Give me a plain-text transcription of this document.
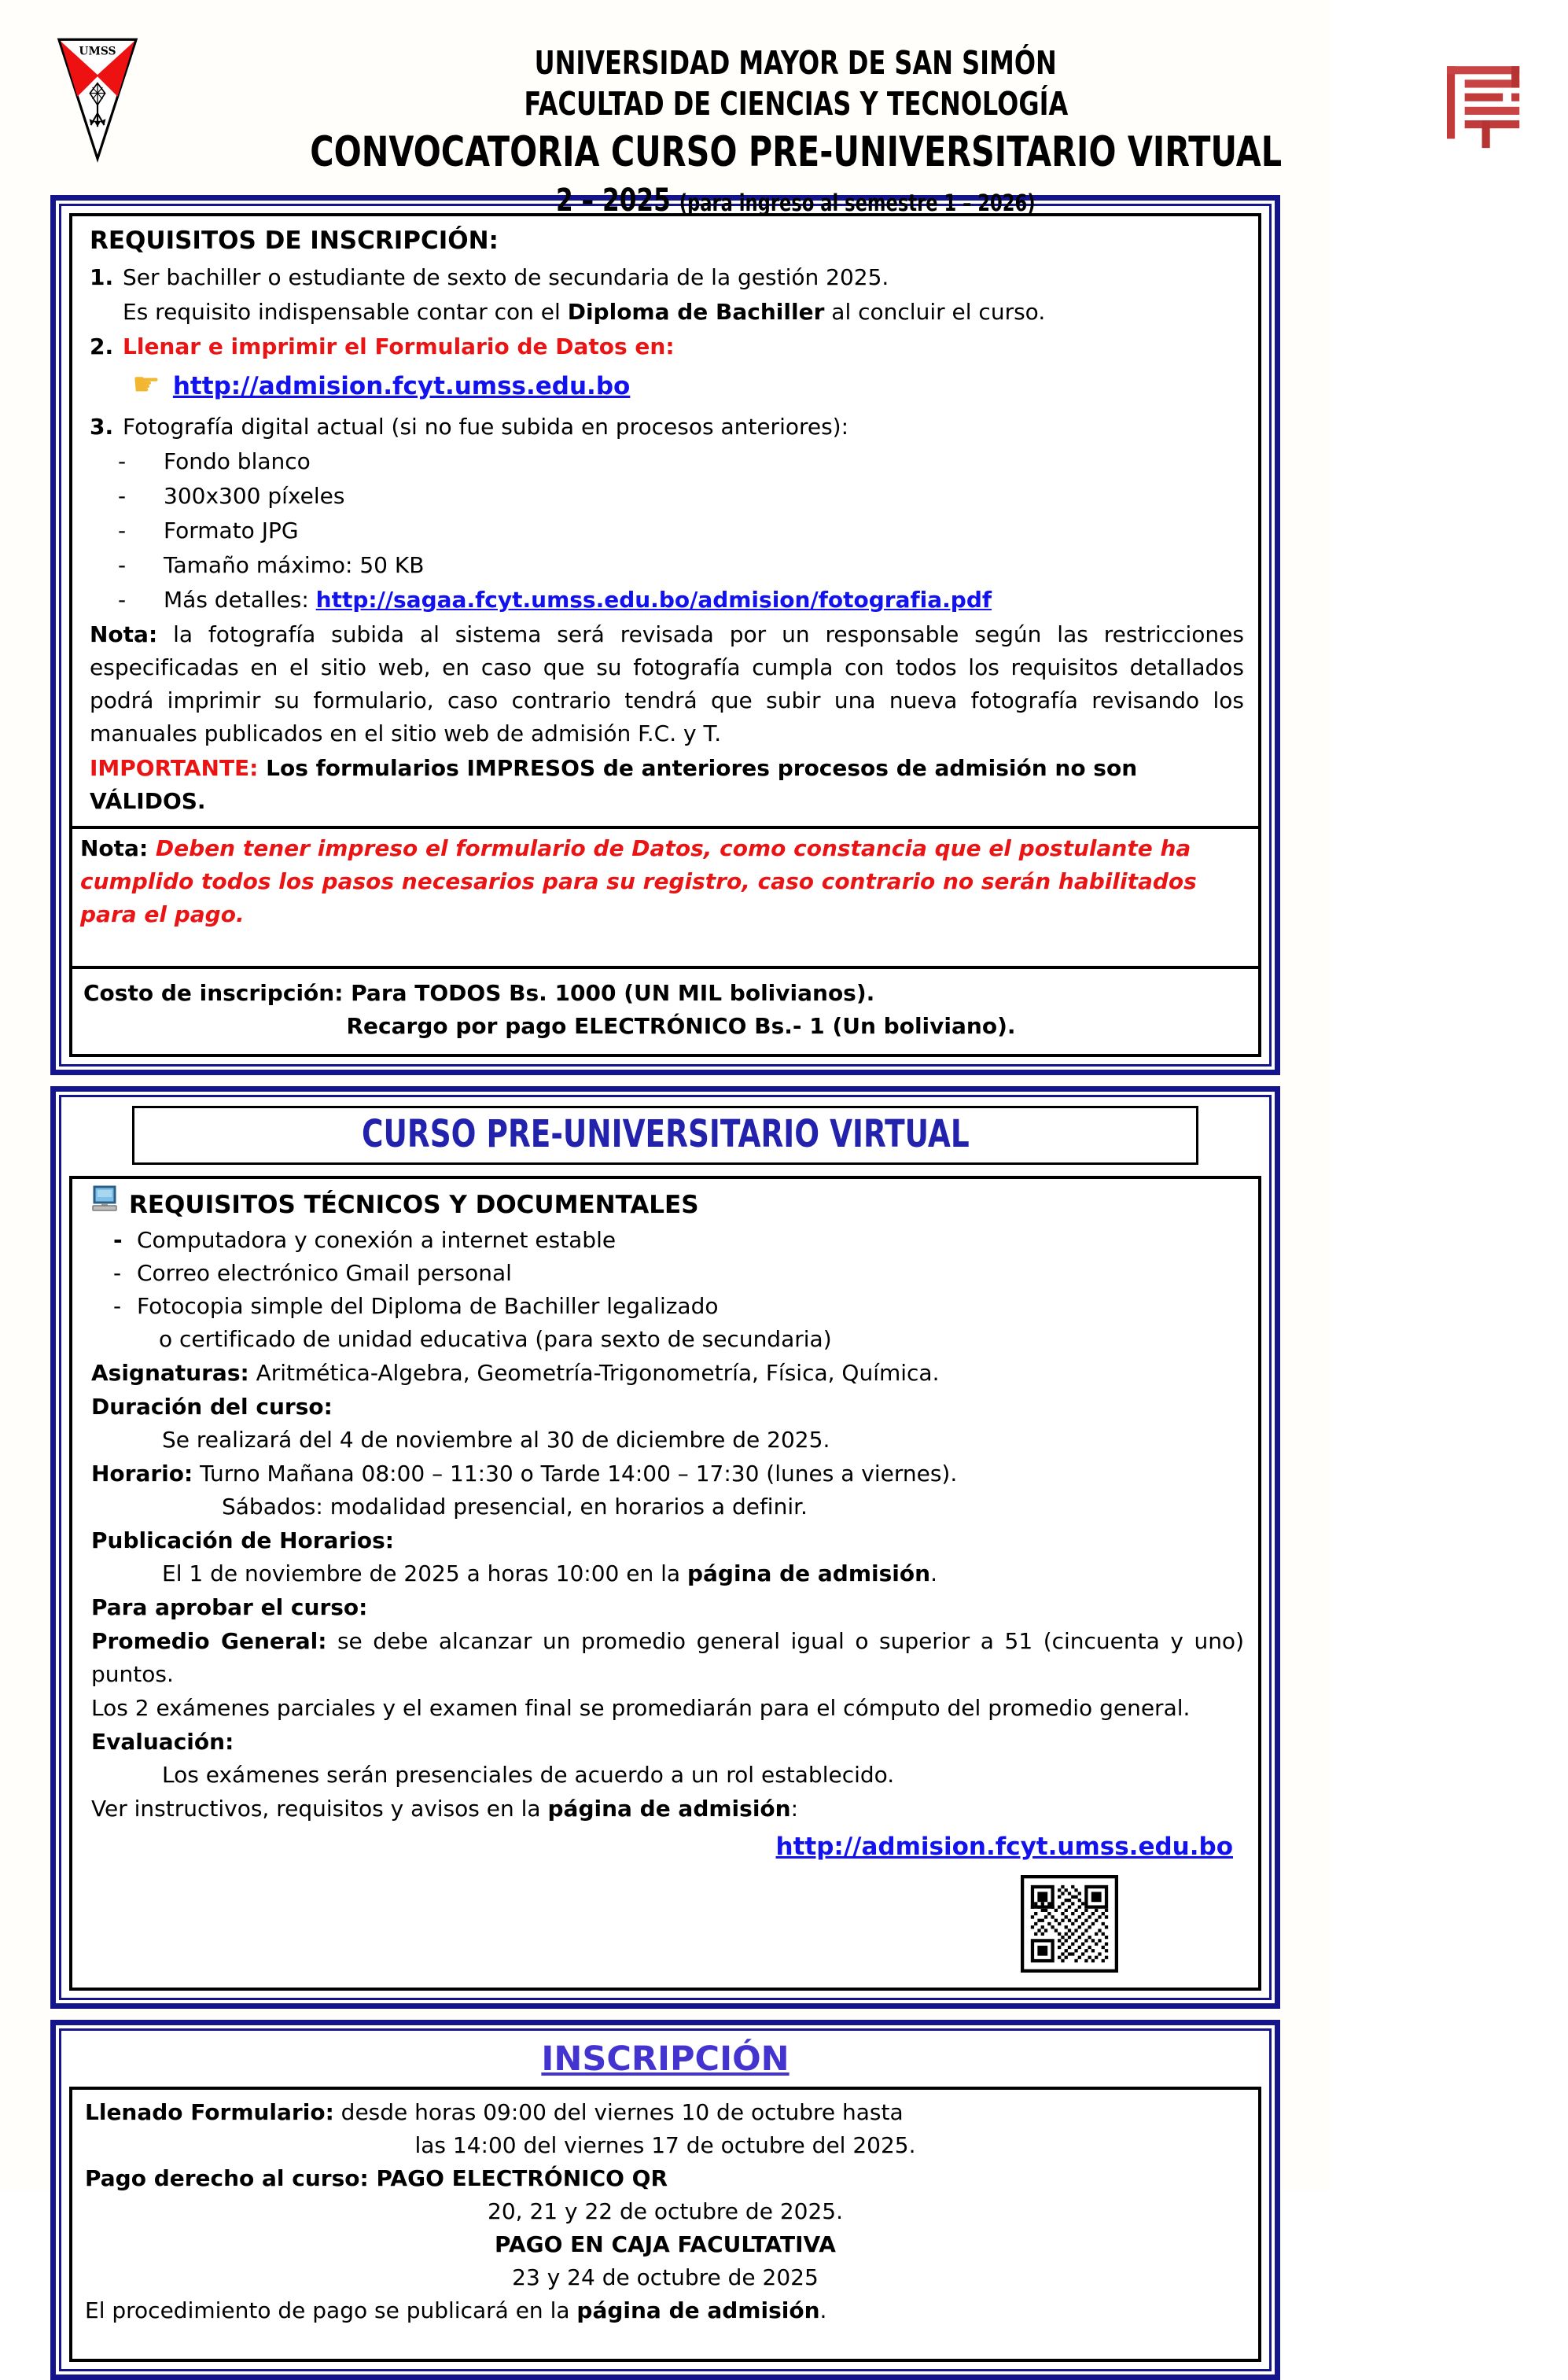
UMSS	UNIVERSIDAD MAYOR DE SAN SIMÓN
FACULTAD DE CIENCIAS Y TECNOLOGÍA
CONVOCATORIA CURSO PRE-UNIVERSITARIO VIRTUAL
2 – 2025 (para ingreso al semestre 1 – 2026)
REQUISITOS DE INSCRIPCIÓN:
1. Ser bachiller o estudiante de sexto de secundaria de la gestión 2025.
Es requisito indispensable contar con el Diploma de Bachiller al concluir el curso.
2. Llenar e imprimir el Formulario de Datos en:
☛ http://admision.fcyt.umss.edu.bo
3. Fotografía digital actual (si no fue subida en procesos anteriores):
-	Fondo blanco
-	300x300 píxeles
-	Formato JPG
-	Tamaño máximo: 50 KB
-	Más detalles: http://sagaa.fcyt.umss.edu.bo/admision/fotografia.pdf
Nota: la fotografía subida al sistema será revisada por un responsable según las restricciones especificadas en el sitio web, en caso que su fotografía cumpla con todos los requisitos detallados podrá imprimir su formulario, caso contrario tendrá que subir una nueva fotografía revisando los manuales publicados en el sitio web de admisión F.C. y T.
IMPORTANTE: Los formularios IMPRESOS de anteriores procesos de admisión no son VÁLIDOS.
Nota: Deben tener impreso el formulario de Datos, como constancia que el postulante ha cumplido todos los pasos necesarios para su registro, caso contrario no serán habilitados para el pago.
Costo de inscripción: Para TODOS Bs. 1000 (UN MIL bolivianos).
Recargo por pago ELECTRÓNICO Bs.- 1 (Un boliviano).
CURSO PRE-UNIVERSITARIO VIRTUAL
REQUISITOS TÉCNICOS Y DOCUMENTALES
- Computadora y conexión a internet estable
- Correo electrónico Gmail personal
- Fotocopia simple del Diploma de Bachiller legalizado
o certificado de unidad educativa (para sexto de secundaria)
Asignaturas: Aritmética-Algebra, Geometría-Trigonometría, Física, Química.
Duración del curso:
Se realizará del 4 de noviembre al 30 de diciembre de 2025.
Horario: Turno Mañana 08:00 – 11:30 o Tarde 14:00 – 17:30 (lunes a viernes).
Sábados: modalidad presencial, en horarios a definir.
Publicación de Horarios:
El 1 de noviembre de 2025 a horas 10:00 en la página de admisión.
Para aprobar el curso:
Promedio General: se debe alcanzar un promedio general igual o superior a 51 (cincuenta y uno) puntos.
Los 2 exámenes parciales y el examen final se promediarán para el cómputo del promedio general.
Evaluación:
Los exámenes serán presenciales de acuerdo a un rol establecido.
Ver instructivos, requisitos y avisos en la página de admisión:
http://admision.fcyt.umss.edu.bo
INSCRIPCIÓN
Llenado Formulario: desde horas 09:00 del viernes 10 de octubre hasta
las 14:00 del viernes 17 de octubre del 2025.
Pago derecho al curso: PAGO ELECTRÓNICO QR
20, 21 y 22 de octubre de 2025.
PAGO EN CAJA FACULTATIVA
23 y 24 de octubre de 2025
El procedimiento de pago se publicará en la página de admisión.
